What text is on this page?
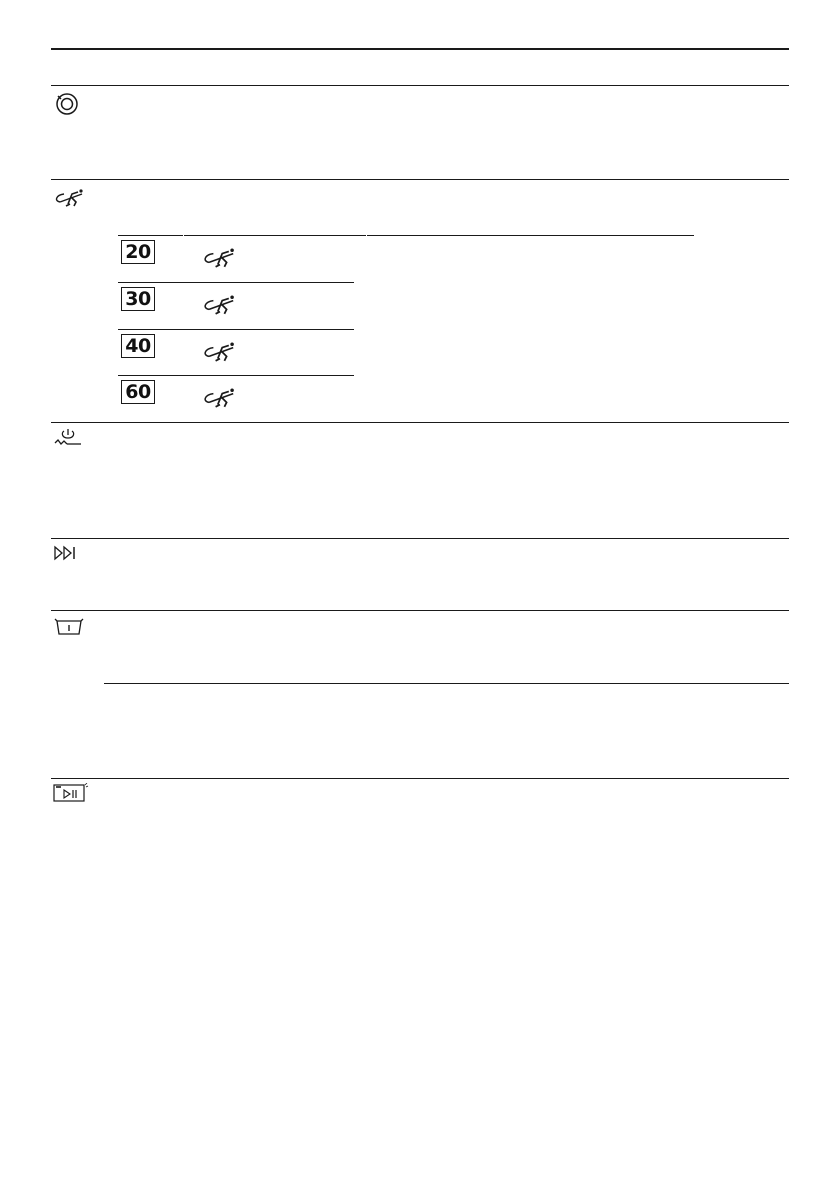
20
30
40
60
